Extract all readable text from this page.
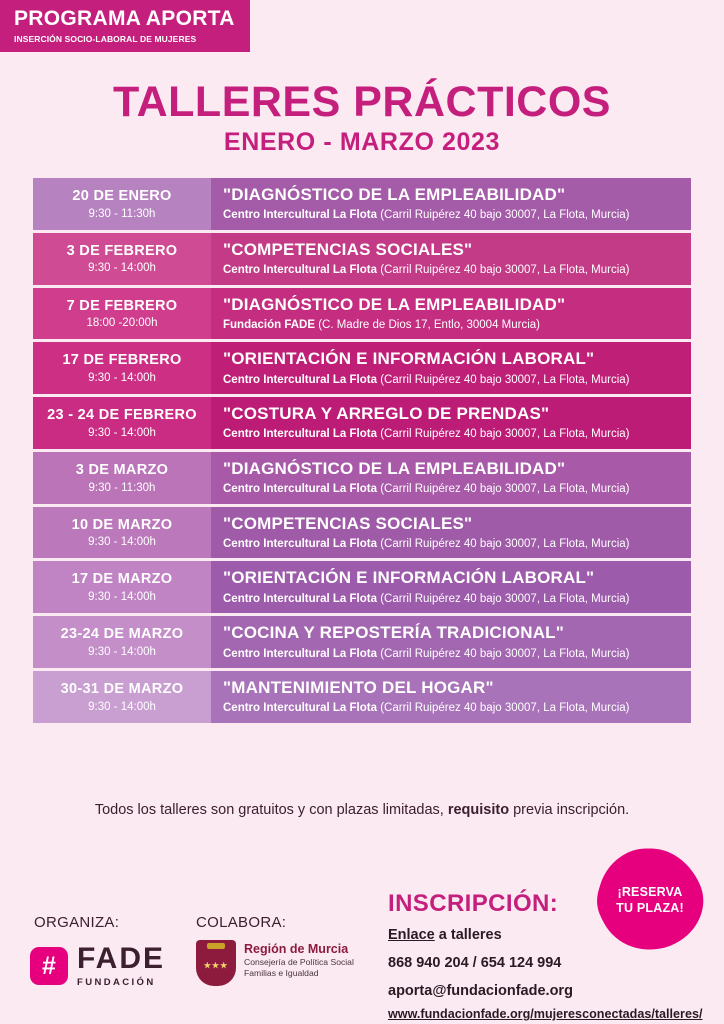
PROGRAMA APORTA
INSERCIÓN SOCIO-LABORAL DE MUJERES
TALLERES PRÁCTICOS
ENERO - MARZO 2023
20 DE ENERO
9:30 - 11:30h
"DIAGNÓSTICO DE LA EMPLEABILIDAD"
Centro Intercultural La Flota (Carril Ruipérez 40 bajo 30007, La Flota, Murcia)
3 DE FEBRERO
9:30 - 14:00h
"COMPETENCIAS SOCIALES"
Centro Intercultural La Flota (Carril Ruipérez 40 bajo 30007, La Flota, Murcia)
7 DE FEBRERO
18:00 -20:00h
"DIAGNÓSTICO DE LA EMPLEABILIDAD"
Fundación FADE (C. Madre de Dios 17, Entlo, 30004 Murcia)
17 DE FEBRERO
9:30 - 14:00h
"ORIENTACIÓN E INFORMACIÓN LABORAL"
Centro Intercultural La Flota (Carril Ruipérez 40 bajo 30007, La Flota, Murcia)
23 - 24 DE FEBRERO
9:30 - 14:00h
"COSTURA Y ARREGLO DE PRENDAS"
Centro Intercultural La Flota (Carril Ruipérez 40 bajo 30007, La Flota, Murcia)
3 DE MARZO
9:30 - 11:30h
"DIAGNÓSTICO DE LA EMPLEABILIDAD"
Centro Intercultural La Flota (Carril Ruipérez 40 bajo 30007, La Flota, Murcia)
10 DE MARZO
9:30 - 14:00h
"COMPETENCIAS SOCIALES"
Centro Intercultural La Flota (Carril Ruipérez 40 bajo 30007, La Flota, Murcia)
17 DE MARZO
9:30 - 14:00h
"ORIENTACIÓN E INFORMACIÓN LABORAL"
Centro Intercultural La Flota (Carril Ruipérez 40 bajo 30007, La Flota, Murcia)
23-24 DE MARZO
9:30 - 14:00h
"COCINA Y REPOSTERÍA TRADICIONAL"
Centro Intercultural La Flota (Carril Ruipérez 40 bajo 30007, La Flota, Murcia)
30-31 DE MARZO
9:30 - 14:00h
"MANTENIMIENTO DEL HOGAR"
Centro Intercultural La Flota (Carril Ruipérez 40 bajo 30007, La Flota, Murcia)
Todos los talleres son gratuitos y con plazas limitadas, requisito previa inscripción.
ORGANIZA:	COLABORA:
# FADE
FUNDACIÓN
★★★
Región de Murcia
Consejería de Política Social
Familias e Igualdad
INSCRIPCIÓN:
Enlace a talleres
868 940 204 / 654 124 994
aporta@fundacionfade.org
www.fundacionfade.org/mujeresconectadas/talleres/
¡RESERVA
TU PLAZA!
